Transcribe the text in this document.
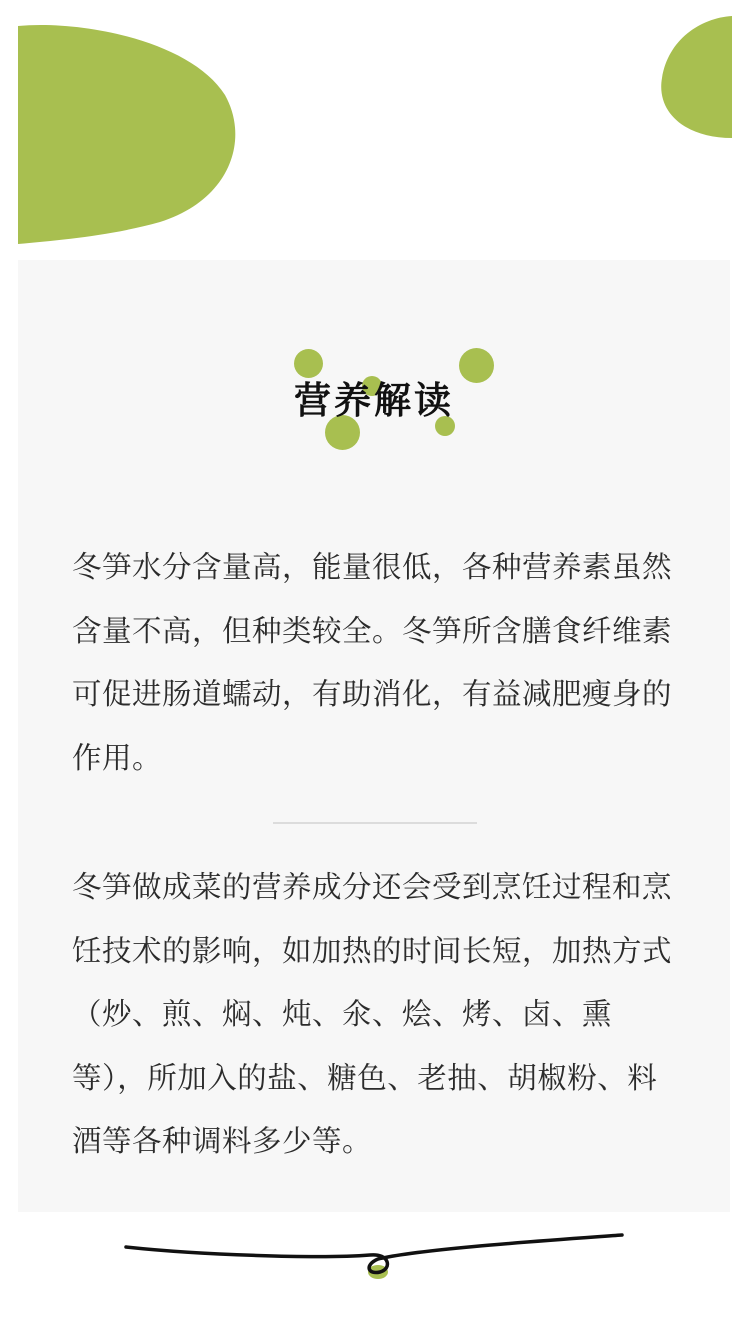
营养解读

冬笋水分含量高，能量很低，各种营养素虽然含量不高，但种类较全。冬笋所含膳食纤维素可促进肠道蠕动，有助消化，有益减肥瘦身的作用。

冬笋做成菜的营养成分还会受到烹饪过程和烹饪技术的影响，如加热的时间长短，加热方式（炒、煎、焖、炖、氽、烩、烤、卤、熏等），所加入的盐、糖色、老抽、胡椒粉、料酒等各种调料多少等。
